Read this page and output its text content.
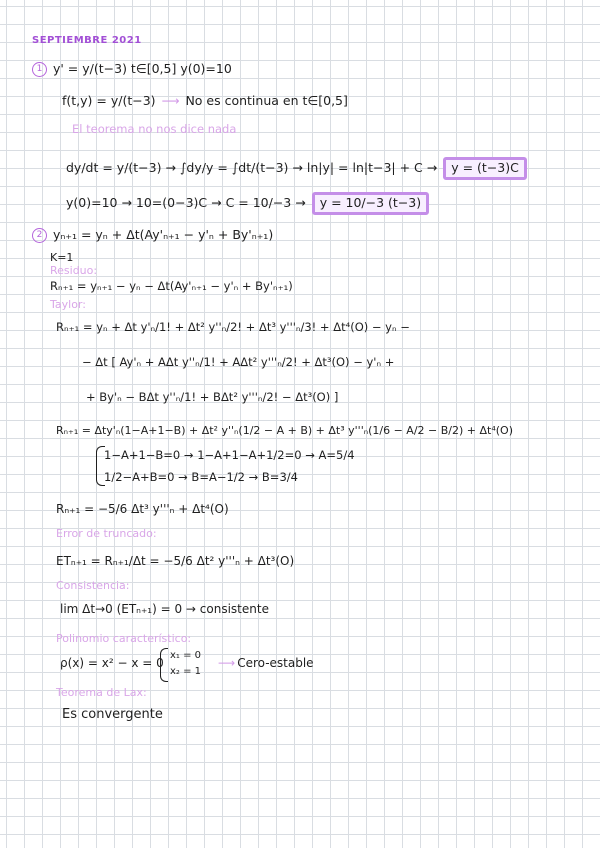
SEPTIEMBRE 2021
1 y' = y/(t−3) t∈[0,5] y(0)=10
f(t,y) = y/(t−3) ⟶ No es continua en t∈[0,5]
El teorema no nos dice nada
dy/dt = y/(t−3) → ∫dy/y = ∫dt/(t−3) → ln|y| = ln|t−3| + C → y = (t−3)C
y(0)=10 → 10=(0−3)C → C = 10/−3 → y = 10/−3 (t−3)
2 yₙ₊₁ = yₙ + Δt(Ay'ₙ₊₁ − y'ₙ + By'ₙ₊₁)
K=1
Residuo:
Rₙ₊₁ = yₙ₊₁ − yₙ − Δt(Ay'ₙ₊₁ − y'ₙ + By'ₙ₊₁)
Taylor:
Rₙ₊₁ = yₙ + Δt y'ₙ/1! + Δt² y''ₙ/2! + Δt³ y'''ₙ/3! + Δt⁴(O) − yₙ −
− Δt [ Ay'ₙ + AΔt y''ₙ/1! + AΔt² y'''ₙ/2! + Δt³(O) − y'ₙ +
+ By'ₙ − BΔt y''ₙ/1! + BΔt² y'''ₙ/2! − Δt³(O) ]
Rₙ₊₁ = Δty'ₙ(1−A+1−B) + Δt² y''ₙ(1/2 − A + B) + Δt³ y'''ₙ(1/6 − A/2 − B/2) + Δt⁴(O)
1−A+1−B=0 → 1−A+1−A+1/2=0 → A=5/4
1/2−A+B=0 → B=A−1/2 → B=3/4
Rₙ₊₁ = −5/6 Δt³ y'''ₙ + Δt⁴(O)
Error de truncado:
ETₙ₊₁ = Rₙ₊₁/Δt = −5/6 Δt² y'''ₙ + Δt³(O)
Consistencia:
lim Δt→0 (ETₙ₊₁) = 0 → consistente
Polinomio característico:
ρ(x) = x² − x = 0
x₁ = 0
x₂ = 1
⟶ Cero-estable
Teorema de Lax:
Es convergente
